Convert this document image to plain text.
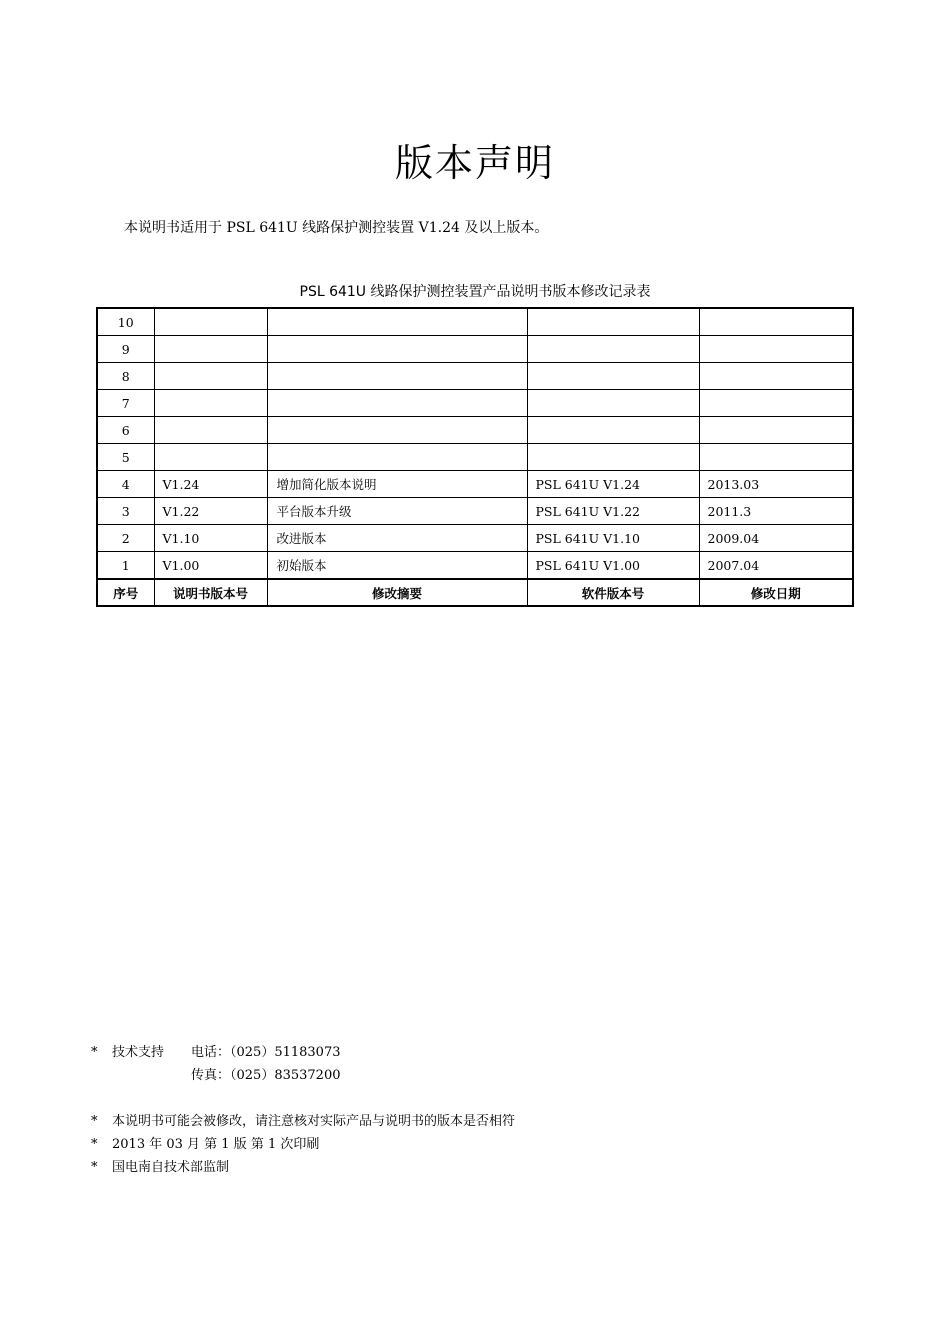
版本声明
本说明书适用于 PSL 641U 线路保护测控装置 V1.24 及以上版本。
PSL 641U 线路保护测控装置产品说明书版本修改记录表
10				
9				
8				
7				
6				
5				
4	V1.24	增加简化版本说明	PSL 641U V1.24	2013.03
3	V1.22	平台版本升级	PSL 641U V1.22	2011.3
2	V1.10	改进版本	PSL 641U V1.10	2009.04
1	V1.00	初始版本	PSL 641U V1.00	2007.04
序号	说明书版本号	修改摘要	软件版本号	修改日期
* 技术支持 电话：（025）51183073
传真：（025）83537200
* 本说明书可能会被修改，请注意核对实际产品与说明书的版本是否相符
* 2013 年 03 月 第 1 版 第 1 次印刷
* 国电南自技术部监制
